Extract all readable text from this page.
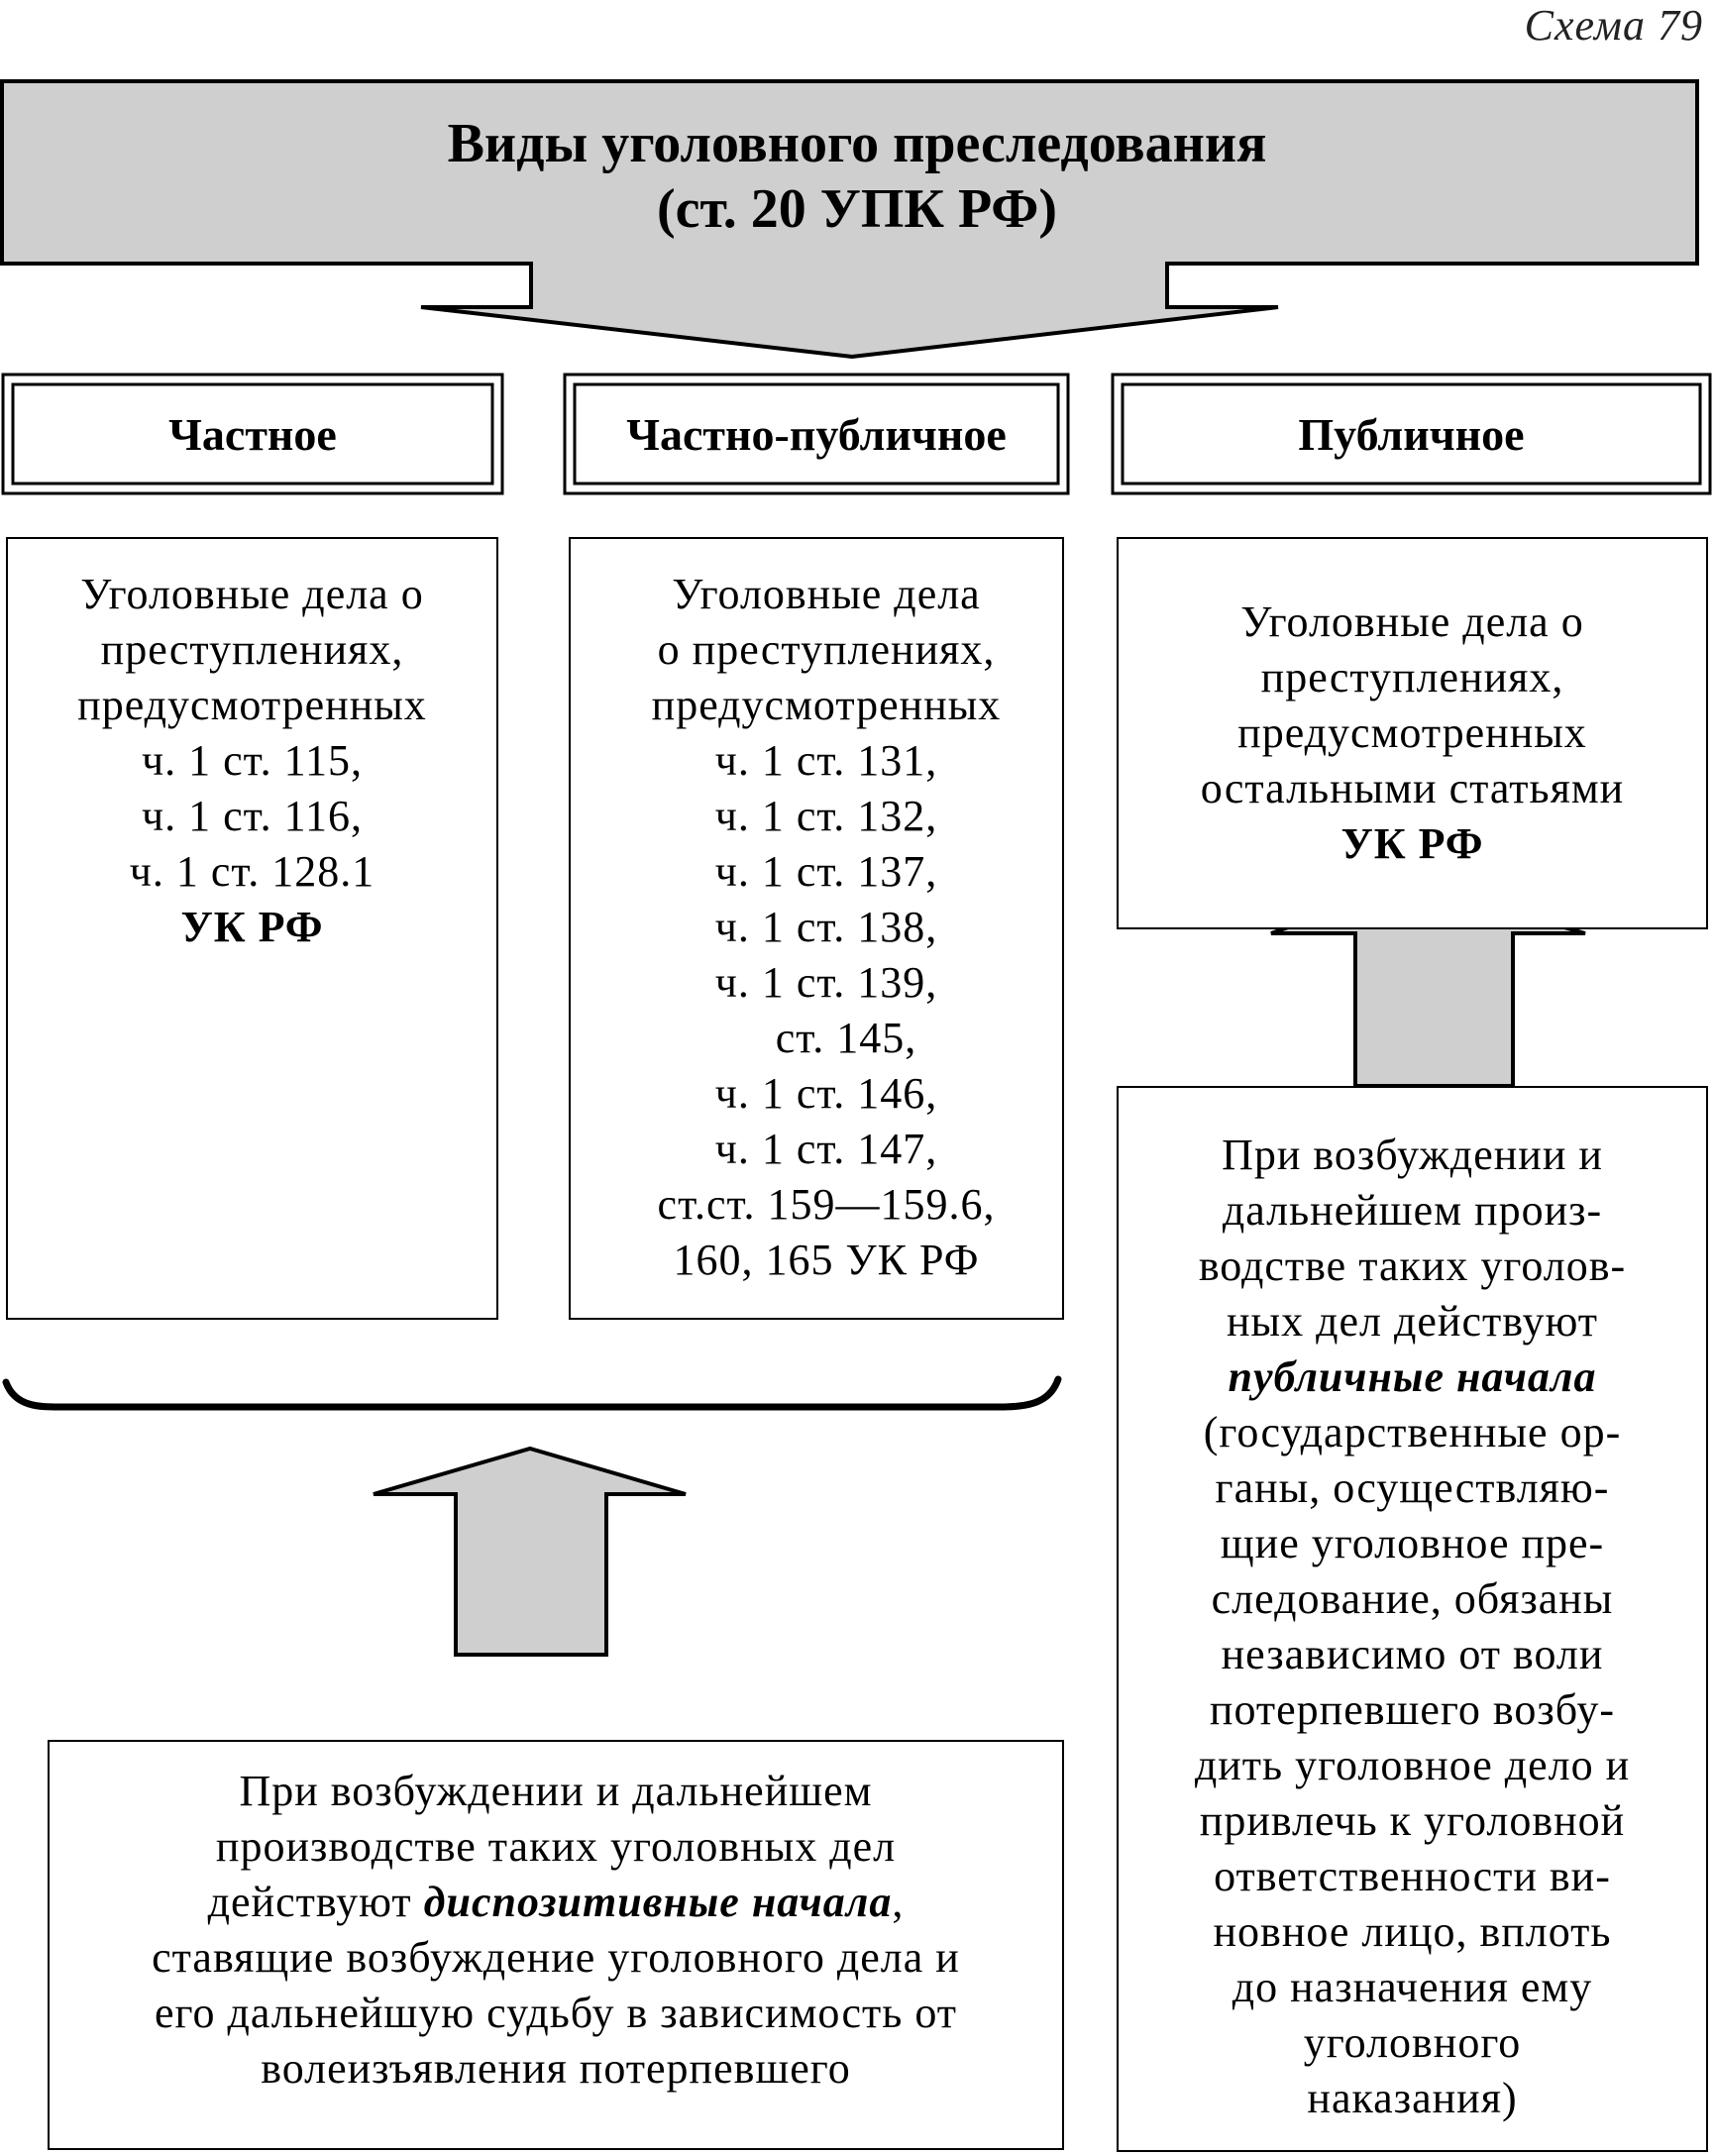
Схема 79
Виды уголовного преследования
(ст. 20 УПК РФ)
Частное	Частно-публичное	Публичное
Уголовные дела о
преступлениях,
предусмотренных
ч. 1 ст. 115,
ч. 1 ст. 116,
ч. 1 ст. 128.1
УК РФ
Уголовные дела
о преступлениях,
предусмотренных
ч. 1 ст. 131,
ч. 1 ст. 132,
ч. 1 ст. 137,
ч. 1 ст. 138,
ч. 1 ст. 139,
ст. 145,
ч. 1 ст. 146,
ч. 1 ст. 147,
ст.ст. 159—159.6,
160, 165 УК РФ
Уголовные дела о
преступлениях,
предусмотренных
остальными статьями
УК РФ
При возбуждении и
дальнейшем произ-
водстве таких уголов-
ных дел действуют
публичные начала
(государственные ор-
ганы, осуществляю-
щие уголовное пре-
следование, обязаны
независимо от воли
потерпевшего возбу-
дить уголовное дело и
привлечь к уголовной
ответственности ви-
новное лицо, вплоть
до назначения ему
уголовного
наказания)
При возбуждении и дальнейшем
производстве таких уголовных дел
действуют диспозитивные начала,
ставящие возбуждение уголовного дела и
его дальнейшую судьбу в зависимость от
волеизъявления потерпевшего
